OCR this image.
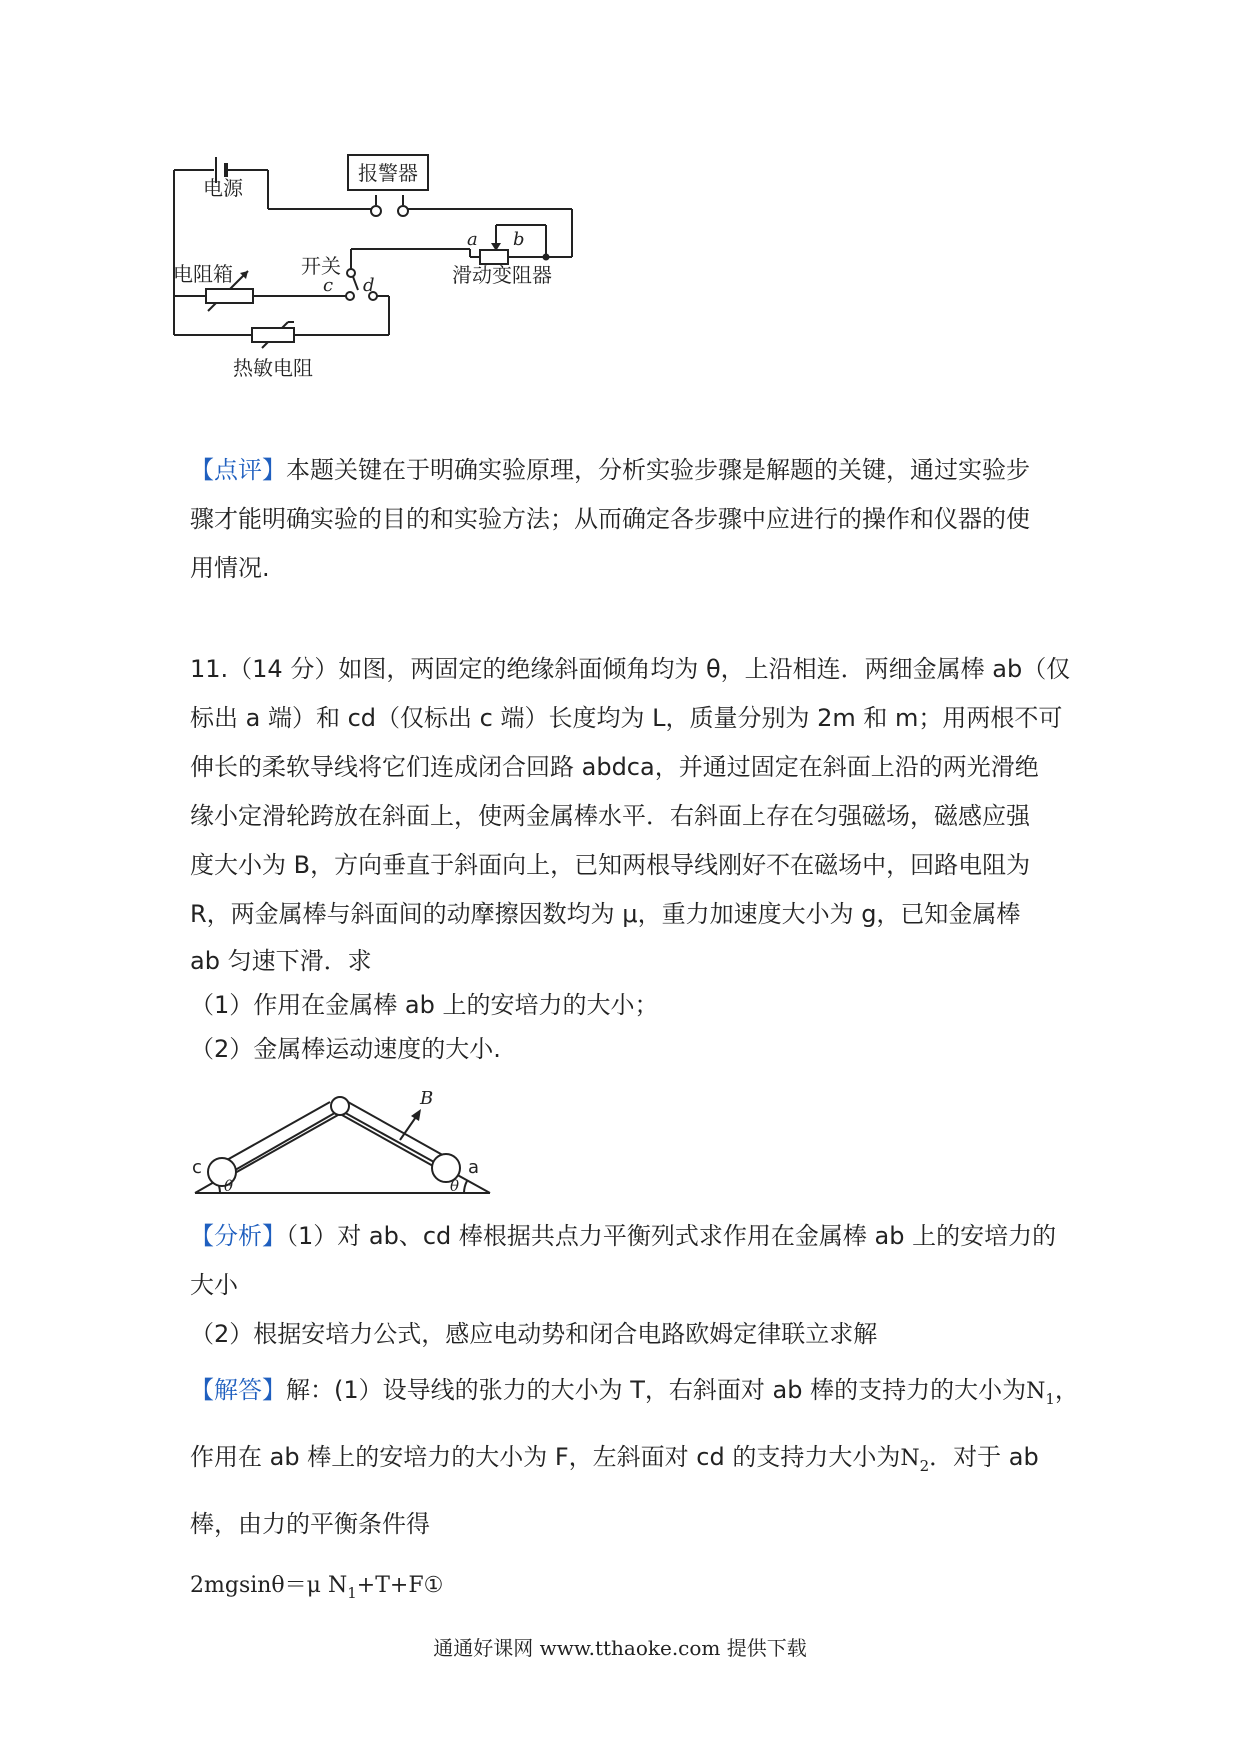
报警器
电源
开关
电阻箱	滑动变阻器
热敏电阻
a b
c d
【点评】本题关键在于明确实验原理，分析实验步骤是解题的关键，通过实验步
骤才能明确实验的目的和实验方法；从而确定各步骤中应进行的操作和仪器的使
用情况.
11.（14 分）如图，两固定的绝缘斜面倾角均为 θ，上沿相连．两细金属棒 ab（仅
标出 a 端）和 cd（仅标出 c 端）长度均为 L，质量分别为 2m 和 m；用两根不可
伸长的柔软导线将它们连成闭合回路 abdca，并通过固定在斜面上沿的两光滑绝
缘小定滑轮跨放在斜面上，使两金属棒水平．右斜面上存在匀强磁场，磁感应强
度大小为 B，方向垂直于斜面向上，已知两根导线刚好不在磁场中，回路电阻为
R，两金属棒与斜面间的动摩擦因数均为 μ，重力加速度大小为 g，已知金属棒
ab 匀速下滑．求
（1）作用在金属棒 ab 上的安培力的大小；
（2）金属棒运动速度的大小.
c	a
B
θ	θ
【分析】（1）对 ab、cd 棒根据共点力平衡列式求作用在金属棒 ab 上的安培力的
大小
（2）根据安培力公式，感应电动势和闭合电路欧姆定律联立求解
【解答】解：(1）设导线的张力的大小为 T，右斜面对 ab 棒的支持力的大小为$N_1$，
作用在 ab 棒上的安培力的大小为 F，左斜面对 cd 的支持力大小为$N_2$．对于 ab
棒，由力的平衡条件得
2mgsinθ＝μ $N_1+T+F①$
通通好课网 www.tthaoke.com 提供下载
